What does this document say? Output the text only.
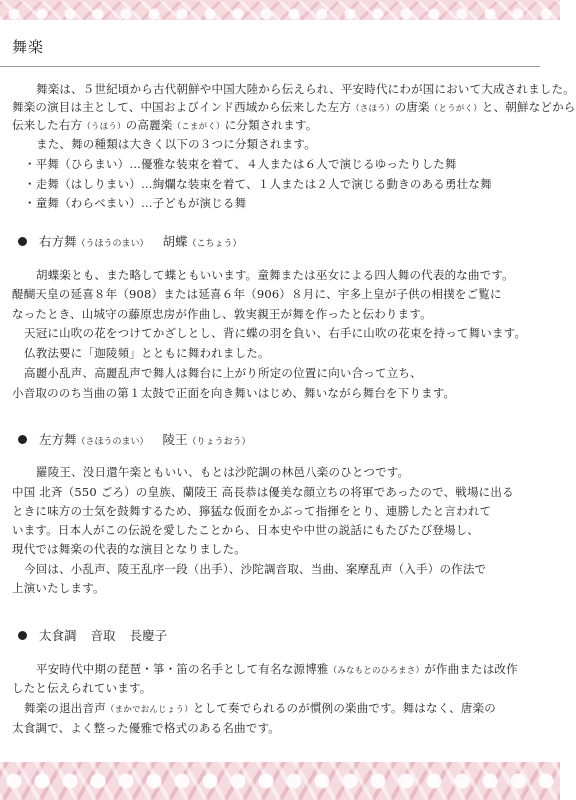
舞楽
舞楽は、５世紀頃から古代朝鮮や中国大陸から伝えられ、平安時代にわが国において大成されました。
舞楽の演目は主として、中国およびインド西域から伝来した左方（さほう）の唐楽（とうがく）と、朝鮮などから
伝来した右方（うほう）の高麗楽（こまがく）に分類されます。
また、舞の種類は大きく以下の３つに分類されます。
・平舞（ひらまい）…優雅な装束を着て、４人または６人で演じるゆったりした舞
・走舞（はしりまい）…絢爛な装束を着て、１人または２人で演じる動きのある勇壮な舞
・童舞（わらべまい）…子どもが演じる舞
右方舞（うほうのまい） 胡蝶（こちょう）
胡蝶楽とも、また略して蝶ともいいます。童舞または巫女による四人舞の代表的な曲です。
醍醐天皇の延喜８年（908）または延喜６年（906）８月に、宇多上皇が子供の相撲をご覧に
なったとき、山城守の藤原忠房が作曲し、敦実親王が舞を作ったと伝わります。
天冠に山吹の花をつけてかざしとし、背に蝶の羽を負い、右手に山吹の花束を持って舞います。
仏教法要に「迦陵頻」とともに舞われました。
高麗小乱声、高麗乱声で舞人は舞台に上がり所定の位置に向い合って立ち、
小音取ののち当曲の第１太鼓で正面を向き舞いはじめ、舞いながら舞台を下ります。
左方舞（さほうのまい） 陵王（りょうおう）
羅陵王、没日還午楽ともいい、もとは沙陀調の林邑八楽のひとつです。
中国 北斉（550 ごろ）の皇族、蘭陵王 高長恭は優美な顔立ちの将軍であったので、戦場に出る
ときに味方の士気を鼓舞するため、獰猛な仮面をかぶって指揮をとり、連勝したと言われて
います。日本人がこの伝説を愛したことから、日本史や中世の説話にもたびたび登場し、
現代では舞楽の代表的な演目となりました。
今回は、小乱声、陵王乱序一段（出手）、沙陀調音取、当曲、案摩乱声（入手）の作法で
上演いたします。
太食調 音取 長慶子
平安時代中期の琵琶・箏・笛の名手として有名な源博雅（みなもとのひろまさ）が作曲または改作
したと伝えられています。
舞楽の退出音声（まかでおんじょう）として奏でられるのが慣例の楽曲です。舞はなく、唐楽の
太食調で、よく整った優雅で格式のある名曲です。
